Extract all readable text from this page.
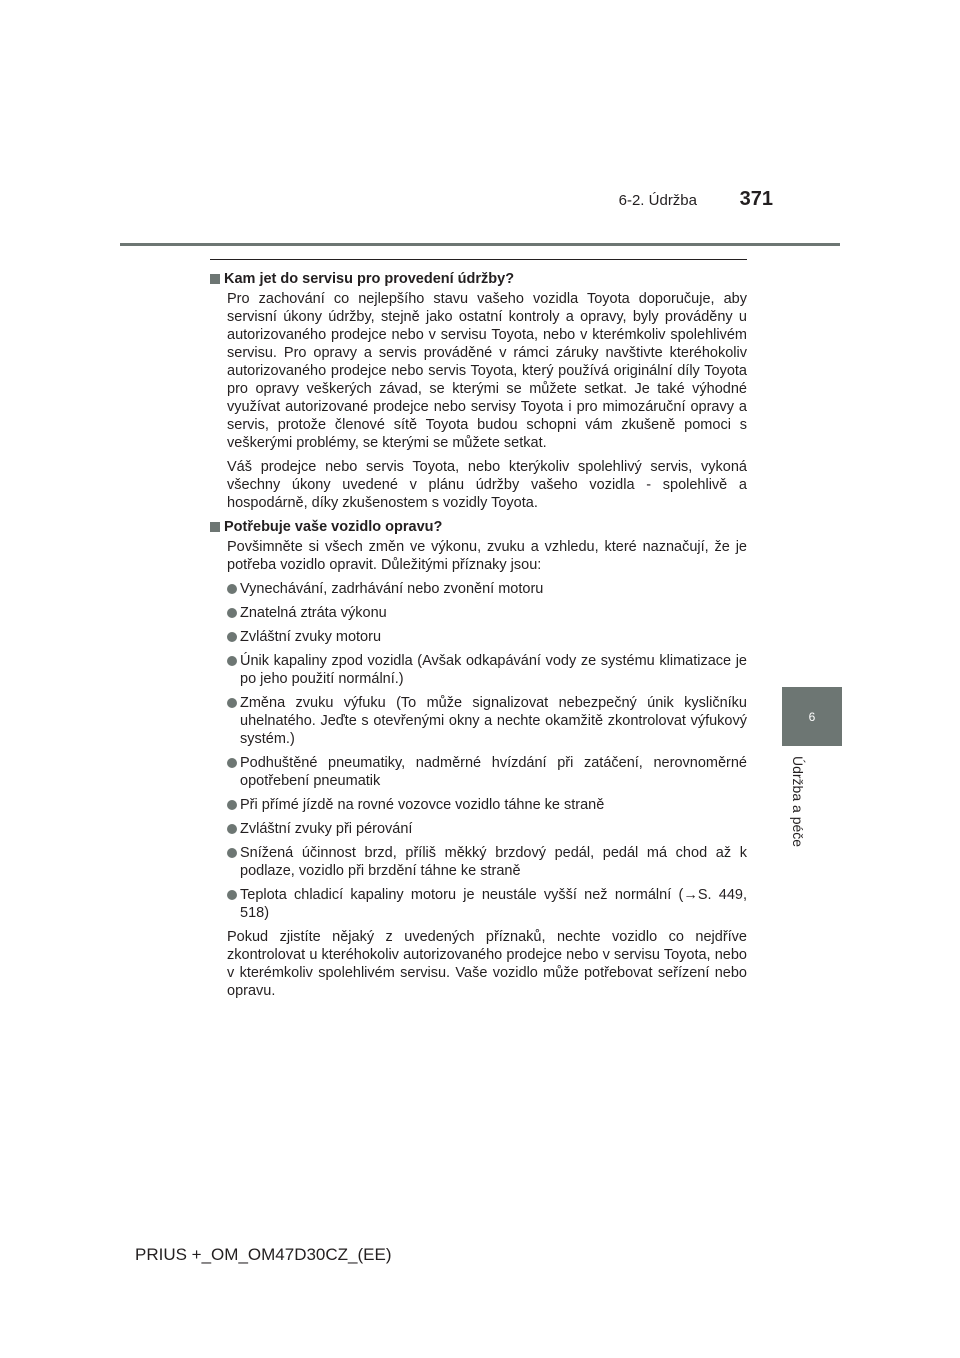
6-2. Údržba 371
6
Údržba a péče
Kam jet do servisu pro provedení údržby?

Pro zachování co nejlepšího stavu vašeho vozidla Toyota doporučuje, aby servisní úkony údržby, stejně jako ostatní kontroly a opravy, byly prováděny u autorizovaného prodejce nebo v servisu Toyota, nebo v kterémkoliv spolehlivém servisu. Pro opravy a servis prováděné v rámci záruky navštivte kteréhokoliv autorizovaného prodejce nebo servis Toyota, který používá originální díly Toyota pro opravy veškerých závad, se kterými se můžete setkat. Je také výhodné využívat autorizované prodejce nebo servisy Toyota i pro mimozáruční opravy a servis, protože členové sítě Toyota budou schopni vám zkušeně pomoci s veškerými problémy, se kterými se můžete setkat.

Váš prodejce nebo servis Toyota, nebo kterýkoliv spolehlivý servis, vykoná všechny úkony uvedené v plánu údržby vašeho vozidla - spolehlivě a hospodárně, díky zkušenostem s vozidly Toyota.

Potřebuje vaše vozidlo opravu?

Povšimněte si všech změn ve výkonu, zvuku a vzhledu, které naznačují, že je potřeba vozidlo opravit. Důležitými příznaky jsou:

Vynechávání, zadrhávání nebo zvonění motoru
Znatelná ztráta výkonu
Zvláštní zvuky motoru
Únik kapaliny zpod vozidla (Avšak odkapávání vody ze systému klimatizace je po jeho použití normální.)
Změna zvuku výfuku (To může signalizovat nebezpečný únik kysličníku uhelnatého. Jeďte s otevřenými okny a nechte okamžitě zkontrolovat výfukový systém.)
Podhuštěné pneumatiky, nadměrné hvízdání při zatáčení, nerovnoměrné opotřebení pneumatik
Při přímé jízdě na rovné vozovce vozidlo táhne ke straně
Zvláštní zvuky při pérování
Snížená účinnost brzd, příliš měkký brzdový pedál, pedál má chod až k podlaze, vozidlo při brzdění táhne ke straně
Teplota chladicí kapaliny motoru je neustále vyšší než normální (→S. 449, 518)

Pokud zjistíte nějaký z uvedených příznaků, nechte vozidlo co nejdříve zkontrolovat u kteréhokoliv autorizovaného prodejce nebo v servisu Toyota, nebo v kterémkoliv spolehlivém servisu. Vaše vozidlo může potřebovat seřízení nebo opravu.

PRIUS +_OM_OM47D30CZ_(EE)
